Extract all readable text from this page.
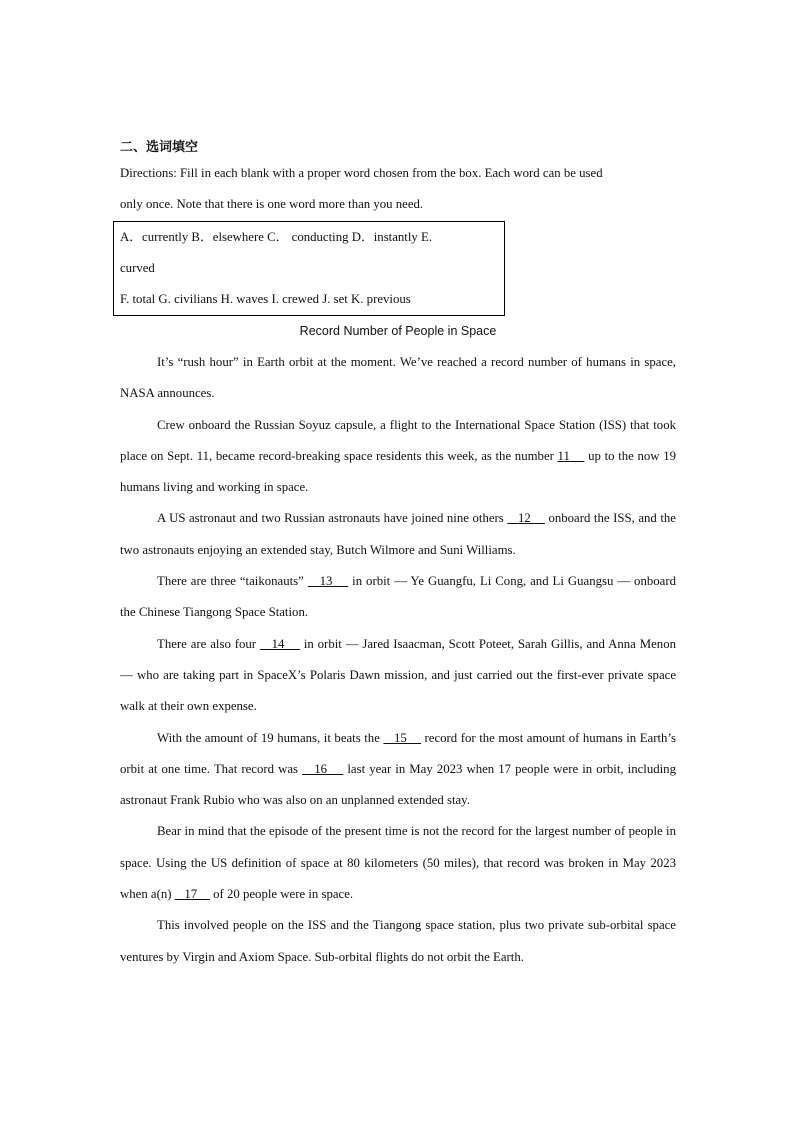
二、选词填空
Directions: Fill in each blank with a proper word chosen from the box. Each word can be used
only once. Note that there is one word more than you need.
A．currently B．elsewhere C． conducting D．instantly E.
curved
F. total G. civilians H. waves I. crewed J. set K. previous
Record Number of People in Space

It’s “rush hour” in Earth orbit at the moment. We’ve reached a record number of humans in space, NASA announces.

Crew onboard the Russian Soyuz capsule, a flight to the International Space Station (ISS) that took place on Sept. 11, became record-breaking space residents this week, as the number 11     up to the now 19 humans living and working in space.

A US astronaut and two Russian astronauts have joined nine others    12     onboard the ISS, and the two astronauts enjoying an extended stay, Butch Wilmore and Suni Williams.

There are three “taikonauts”    13     in orbit — Ye Guangfu, Li Cong, and Li Guangsu — onboard the Chinese Tiangong Space Station.

There are also four    14     in orbit — Jared Isaacman, Scott Poteet, Sarah Gillis, and Anna Menon — who are taking part in SpaceX’s Polaris Dawn mission, and just carried out the first-ever private space walk at their own expense.

With the amount of 19 humans, it beats the    15     record for the most amount of humans in Earth’s orbit at one time. That record was    16     last year in May 2023 when 17 people were in orbit, including astronaut Frank Rubio who was also on an unplanned extended stay.

Bear in mind that the episode of the present time is not the record for the largest number of people in space. Using the US definition of space at 80 kilometers (50 miles), that record was broken in May 2023 when a(n)    17     of 20 people were in space.

This involved people on the ISS and the Tiangong space station, plus two private sub-orbital space ventures by Virgin and Axiom Space. Sub-orbital flights do not orbit the Earth.
